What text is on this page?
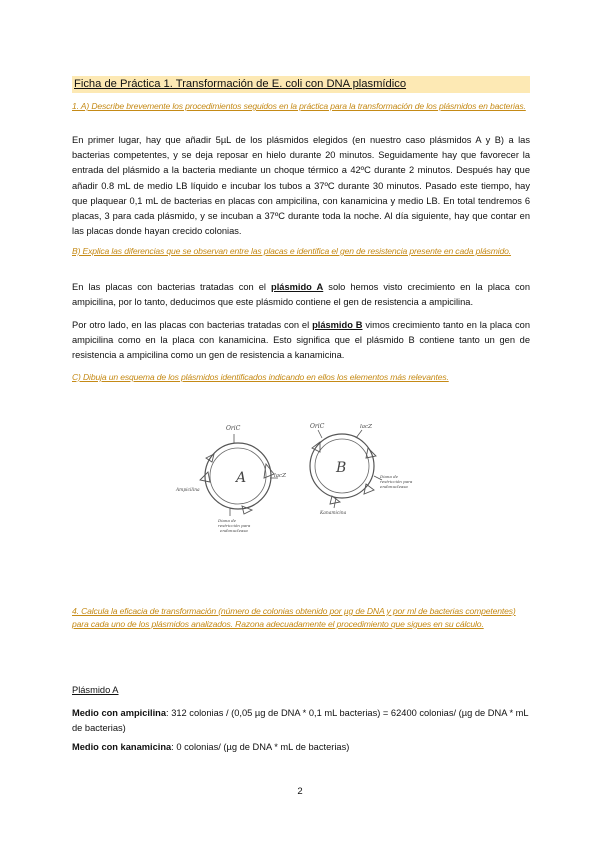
Ficha de Práctica 1. Transformación de E. coli con DNA plasmídico
1. A) Describe brevemente los procedimientos seguidos en la práctica para la transformación de los plásmidos en bacterias.
En primer lugar, hay que añadir 5µL de los plásmidos elegidos (en nuestro caso plásmidos A y B) a las bacterias competentes, y se deja reposar en hielo durante 20 minutos. Seguidamente hay que favorecer la entrada del plásmido a la bacteria mediante un choque térmico a 42ºC durante 2 minutos. Después hay que añadir 0.8 mL de medio LB líquido e incubar los tubos a 37ºC durante 30 minutos. Pasado este tiempo, hay que plaquear 0,1 mL de bacterias en placas con ampicilina, con kanamicina y medio LB. En total tendremos 6 placas, 3 para cada plásmido, y se incuban a 37ºC durante toda la noche. Al día siguiente, hay que contar en las placas donde hayan crecido colonias.
B) Explica las diferencias que se observan entre las placas e identifica el gen de resistencia presente en cada plásmido.
En las placas con bacterias tratadas con el plásmido A solo hemos visto crecimiento en la placa con ampicilina, por lo tanto, deducimos que este plásmido contiene el gen de resistencia a ampicilina.
Por otro lado, en las placas con bacterias tratadas con el plásmido B vimos crecimiento tanto en la placa con ampicilina como en la placa con kanamicina. Esto significa que el plásmido B contiene tanto un gen de resistencia a ampicilina como un gen de resistencia a kanamicina.
C) Dibuja un esquema de los plásmidos identificados indicando en ellos los elementos más relevantes.
A
OriC
lacZ
Ampicilina
Diana de
restricción para
endonucleasa
B
OriC	lacZ
Kanamicina
Diana de
restricción para
endonucleasa
4. Calcula la eficacia de transformación (número de colonias obtenido por µg de DNA y por ml de bacterias competentes) para cada uno de los plásmidos analizados. Razona adecuadamente el procedimiento que sigues en su cálculo.
Plásmido A
Medio con ampicilina: 312 colonias / (0,05 µg de DNA * 0,1 mL bacterias) = 62400 colonias/ (µg de DNA * mL de bacterias)
Medio con kanamicina: 0 colonias/ (µg de DNA * mL de bacterias)
2
